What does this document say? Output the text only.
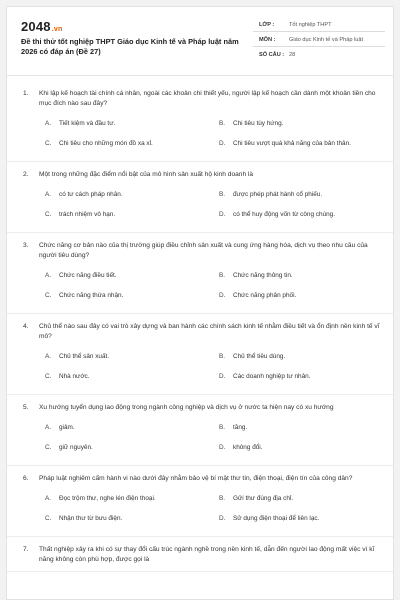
2048.vn
Đề thi thử tốt nghiệp THPT Giáo dục Kinh tế và Pháp luật năm 2026 có đáp án (Đề 27)
LỚP :	Tốt nghiệp THPT
MÔN : Giáo dục Kinh tế và Pháp luật
SỐ CÂU : 28
1. Khi lập kế hoạch tài chính cá nhân, ngoài các khoản chi thiết yếu, người lập kế hoạch cần dành một khoản tiền cho mục đích nào sau đây?
A. Tiết kiệm và đầu tư.	B. Chi tiêu tùy hứng.
C. Chi tiêu cho những món đồ xa xỉ.	D. Chi tiêu vượt quá khả năng của bản thân.
2. Một trong những đặc điểm nổi bật của mô hình sản xuất hộ kinh doanh là
A. có tư cách pháp nhân.	B. được phép phát hành cổ phiếu.
C. trách nhiệm vô hạn.	D. có thể huy động vốn từ công chúng.
3. Chức năng cơ bản nào của thị trường giúp điều chỉnh sản xuất và cung ứng hàng hóa, dịch vụ theo nhu cầu của người tiêu dùng?
A. Chức năng điều tiết.	B. Chức năng thông tin.
C. Chức năng thừa nhận.	D. Chức năng phân phối.
4. Chủ thể nào sau đây có vai trò xây dựng và ban hành các chính sách kinh tế nhằm điều tiết và ổn định nền kinh tế vĩ mô?
A. Chủ thể sản xuất.	B. Chủ thể tiêu dùng.
C. Nhà nước.	D. Các doanh nghiệp tư nhân.
5. Xu hướng tuyển dụng lao động trong ngành công nghiệp và dịch vụ ở nước ta hiện nay có xu hướng
A. giảm.	B. tăng.
C. giữ nguyên.	D. không đổi.
6. Pháp luật nghiêm cấm hành vi nào dưới đây nhằm bảo vệ bí mật thư tín, điện thoại, điện tín của công dân?
A. Đọc trộm thư, nghe lén điện thoại.	B. Gửi thư đúng địa chỉ.
C. Nhận thư từ bưu điện.	D. Sử dụng điện thoại để liên lạc.
7. Thất nghiệp xảy ra khi có sự thay đổi cấu trúc ngành nghề trong nền kinh tế, dẫn đến người lao động mất việc vì kĩ năng không còn phù hợp, được gọi là
